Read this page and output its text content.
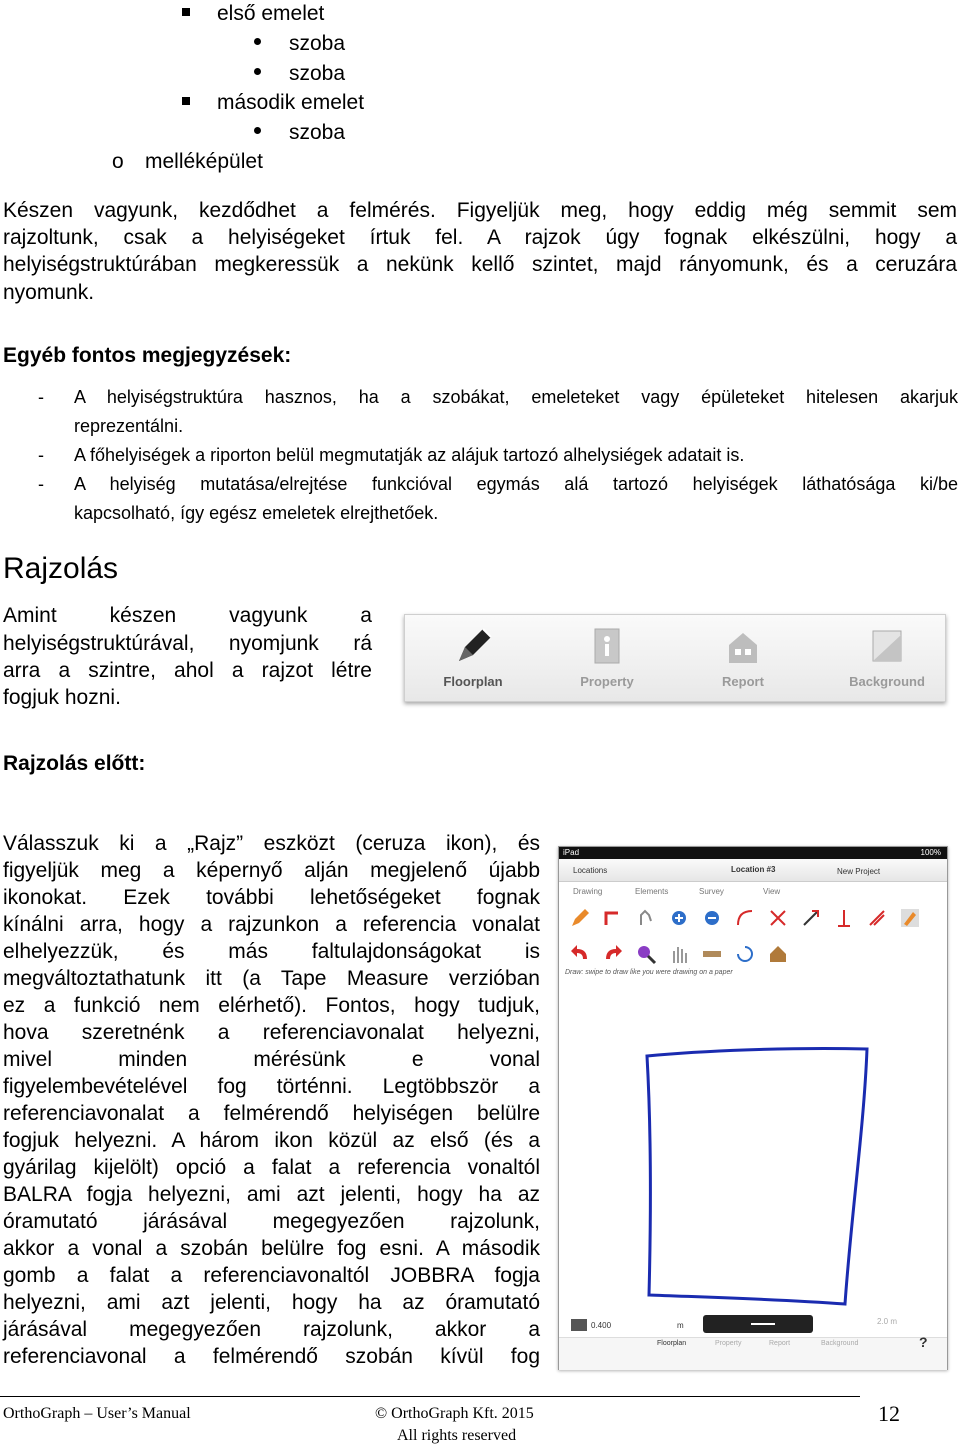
első emelet
szoba
szoba
második emelet
szoba
o melléképület
Készen vagyunk, kezdődhet a felmérés. Figyeljük meg, hogy eddig még semmit sem
rajzoltunk, csak a helyiségeket írtuk fel. A rajzok úgy fognak elkészülni, hogy a
helyiségstruktúrában megkeressük a nekünk kellő szintet, majd rányomunk, és a ceruzára
nyomunk.
Egyéb fontos megjegyzések:
- A helyiségstruktúra hasznos, ha a szobákat, emeleteket vagy épületeket hitelesen akarjuk
reprezentálni.
- A főhelyiségek a riporton belül megmutatják az alájuk tartozó alhelysiégek adatait is.
- A helyiség mutatása/elrejtése funkcióval egymás alá tartozó helyiségek láthatósága ki/be
kapcsolható, így egész emeletek elrejthetőek.
Rajzolás
Amint készen vagyunk a
helyiségstruktúrával, nyomjunk rá
arra a szintre, ahol a rajzot létre
fogjuk hozni.
Floorplan	Property	Report	Background
Rajzolás előtt:
Válasszuk ki a „Rajz” eszközt (ceruza ikon), és
figyeljük meg a képernyő alján megjelenő újabb
ikonokat. Ezek további lehetőségeket fognak
kínálni arra, hogy a rajzunkon a referencia vonalat
elhelyezzük, és más faltulajdonságokat is
megváltoztathatunk itt (a Tape Measure verzióban
ez a funkció nem elérhető). Fontos, hogy tudjuk,
hova szeretnénk a referenciavonalat helyezni,
mivel minden mérésünk e vonal
figyelembevételével fog történni. Legtöbbször a
referenciavonalat a felmérendő helyiségen belülre
fogjuk helyezni. A három ikon közül az első (és a
gyárilag kijelölt) opció a falat a referencia vonaltól
BALRA fogja helyezni, ami azt jelenti, hogy ha az
óramutató járásával megegyezően rajzolunk,
akkor a vonal a szobán belülre fog esni. A második
gomb a falat a referenciavonaltól JOBBRA fogja
helyezni, ami azt jelenti, hogy ha az óramutató
járásával megegyezően rajzolunk, akkor a
referenciavonal a felmérendő szobán kívül fog
iPad	100%
Locations	Location #3	New Project
Drawing	Elements	Survey	View
Draw: swipe to draw like you were drawing on a paper
0.400	m	2.0 m
Floorplan	Property	Report	Background	?
OrthoGraph – User’s Manual	© OrthoGraph Kft. 2015
All rights reserved
12
